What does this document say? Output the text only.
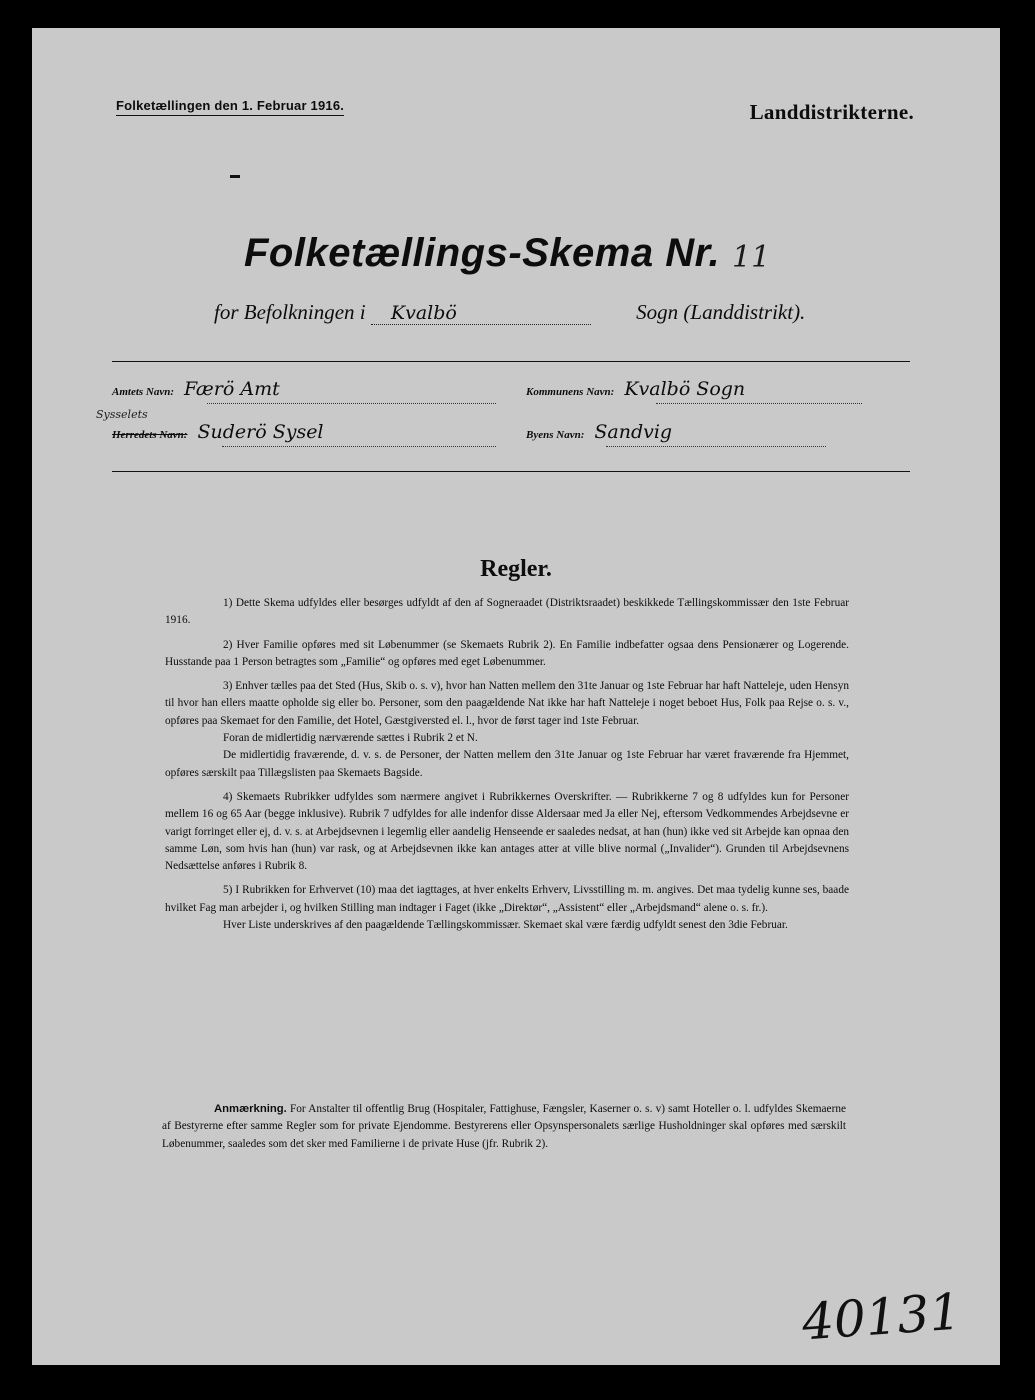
Folketællingen den 1. Februar 1916.	Landdistrikterne.
Folketællings-Skema Nr. 11
for Befolkningen i Kvalbö	Sogn (Landdistrikt).
Amtets Navn: Færö Amt	Kommunens Navn: Kvalbö Sogn
Sysselets
Herredets Navn: Suderö Sysel	Byens Navn: Sandvig
Regler.

1) Dette Skema udfyldes eller besørges udfyldt af den af Sogneraadet (Distriktsraadet) beskikkede Tællingskommissær den 1ste Februar 1916.

2) Hver Familie opføres med sit Løbenummer (se Skemaets Rubrik 2). En Familie indbefatter ogsaa dens Pensionærer og Logerende. Husstande paa 1 Person betragtes som „Familie“ og opføres med eget Løbenummer.

3) Enhver tælles paa det Sted (Hus, Skib o. s. v), hvor han Natten mellem den 31te Januar og 1ste Februar har haft Natteleje, uden Hensyn til hvor han ellers maatte opholde sig eller bo. Personer, som den paagældende Nat ikke har haft Natteleje i noget beboet Hus, Folk paa Rejse o. s. v., opføres paa Skemaet for den Familie, det Hotel, Gæstgiversted el. l., hvor de først tager ind 1ste Februar.

Foran de midlertidig nærværende sættes i Rubrik 2 et N.

De midlertidig fraværende, d. v. s. de Personer, der Natten mellem den 31te Januar og 1ste Februar har været fraværende fra Hjemmet, opføres særskilt paa Tillægslisten paa Skemaets Bagside.

4) Skemaets Rubrikker udfyldes som nærmere angivet i Rubrikkernes Overskrifter. — Rubrikkerne 7 og 8 udfyldes kun for Personer mellem 16 og 65 Aar (begge inklusive). Rubrik 7 udfyldes for alle indenfor disse Aldersaar med Ja eller Nej, eftersom Vedkommendes Arbejdsevne er varigt forringet eller ej, d. v. s. at Arbejdsevnen i legemlig eller aandelig Henseende er saaledes nedsat, at han (hun) ikke ved sit Arbejde kan opnaa den samme Løn, som hvis han (hun) var rask, og at Arbejdsevnen ikke kan antages atter at ville blive normal („Invalider“). Grunden til Arbejdsevnens Nedsættelse anføres i Rubrik 8.

5) I Rubrikken for Erhvervet (10) maa det iagttages, at hver enkelts Erhverv, Livsstilling m. m. angives. Det maa tydelig kunne ses, baade hvilket Fag man arbejder i, og hvilken Stilling man indtager i Faget (ikke „Direktør“, „Assistent“ eller „Arbejdsmand“ alene o. s. fr.).

Hver Liste underskrives af den paagældende Tællingskommissær. Skemaet skal være færdig udfyldt senest den 3die Februar.

Anmærkning. For Anstalter til offentlig Brug (Hospitaler, Fattighuse, Fængsler, Kaserner o. s. v) samt Hoteller o. l. udfyldes Skemaerne af Bestyrerne efter samme Regler som for private Ejendomme. Bestyrerens eller Opsynspersonalets særlige Husholdninger skal opføres med særskilt Løbenummer, saaledes som det sker med Familierne i de private Huse (jfr. Rubrik 2).
40131
